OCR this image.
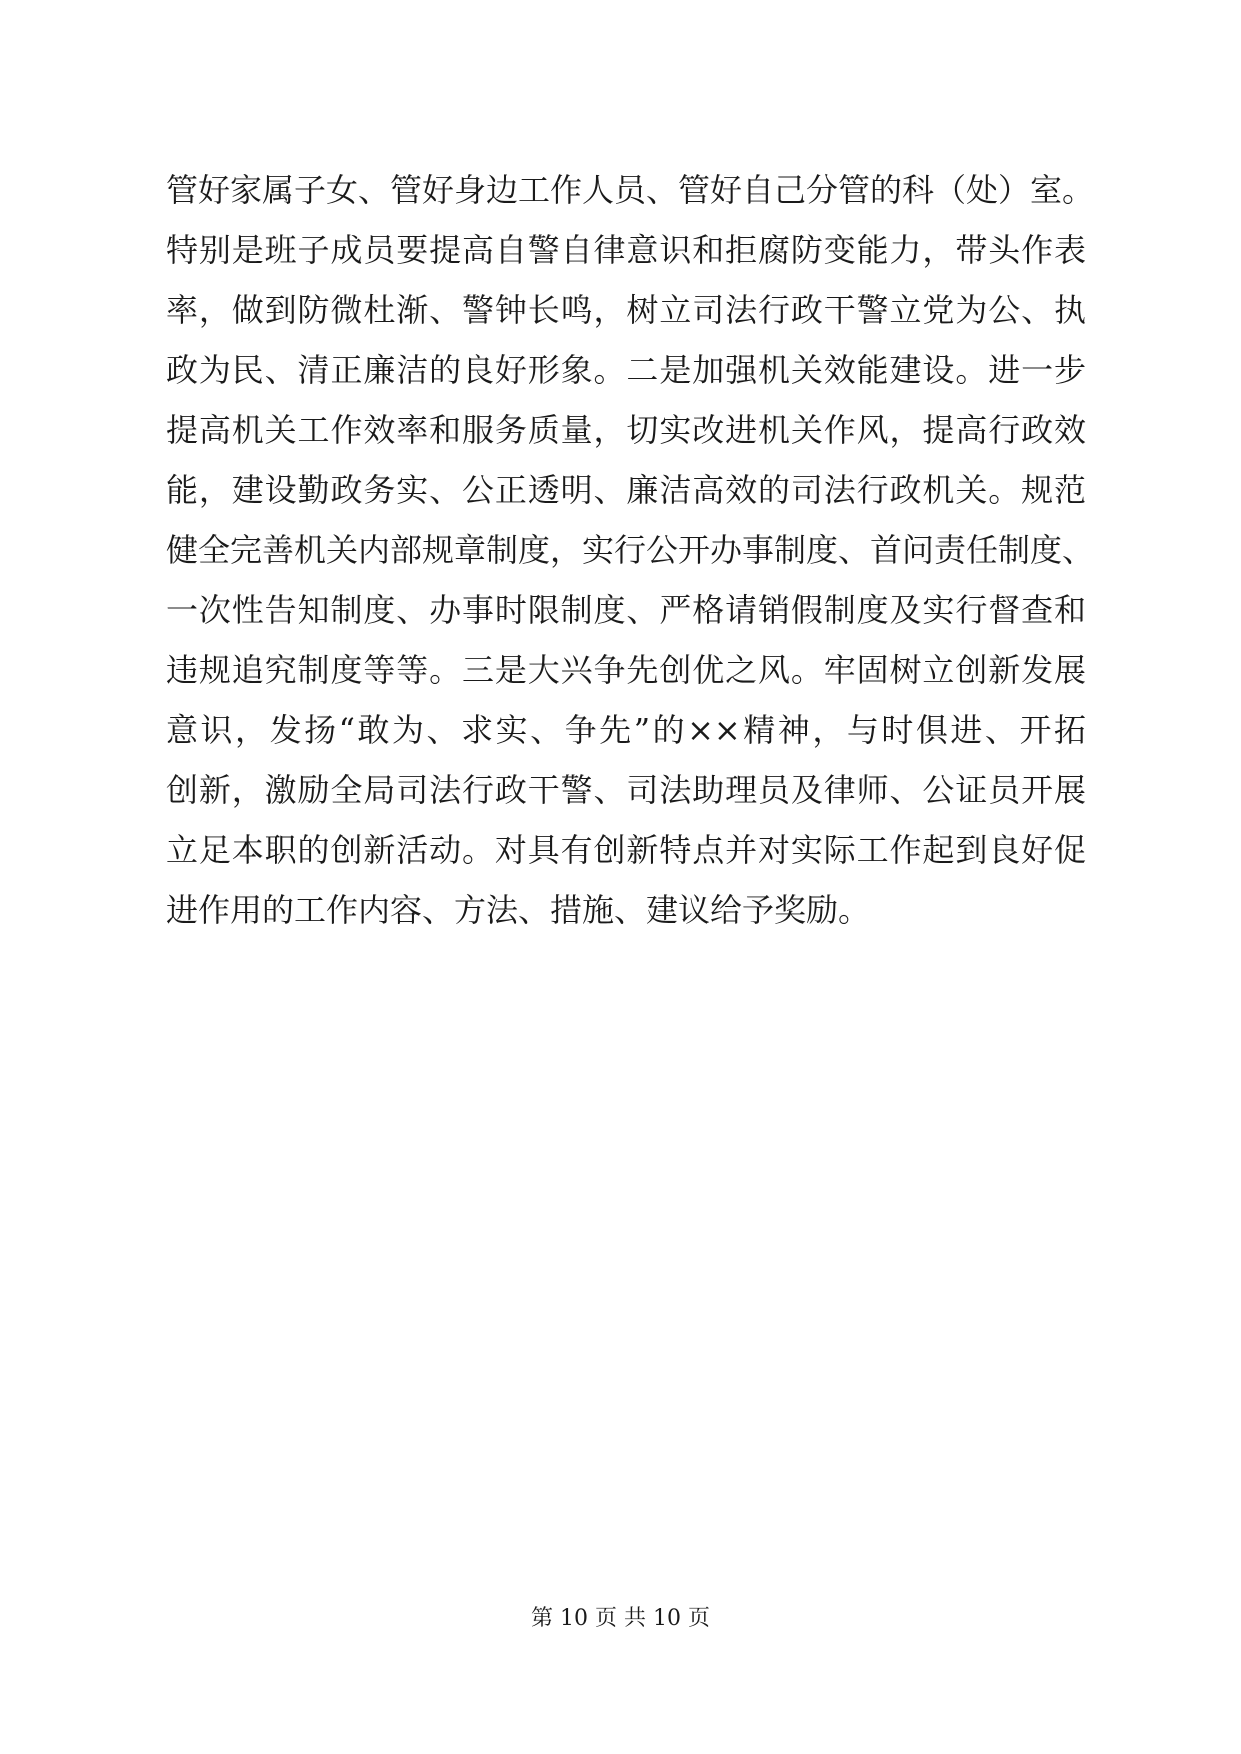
管好家属子女、管好身边工作人员、管好自己分管的科（处）室。
特别是班子成员要提高自警自律意识和拒腐防变能力，带头作表
率，做到防微杜渐、警钟长鸣，树立司法行政干警立党为公、执
政为民、清正廉洁的良好形象。二是加强机关效能建设。进一步
提高机关工作效率和服务质量，切实改进机关作风，提高行政效
能，建设勤政务实、公正透明、廉洁高效的司法行政机关。规范
健全完善机关内部规章制度，实行公开办事制度、首问责任制度、
一次性告知制度、办事时限制度、严格请销假制度及实行督查和
违规追究制度等等。三是大兴争先创优之风。牢固树立创新发展
意识，发扬“敢为、求实、争先”的××精神，与时俱进、开拓
创新，激励全局司法行政干警、司法助理员及律师、公证员开展
立足本职的创新活动。对具有创新特点并对实际工作起到良好促
进作用的工作内容、方法、措施、建议给予奖励。
第 10 页 共 10 页
